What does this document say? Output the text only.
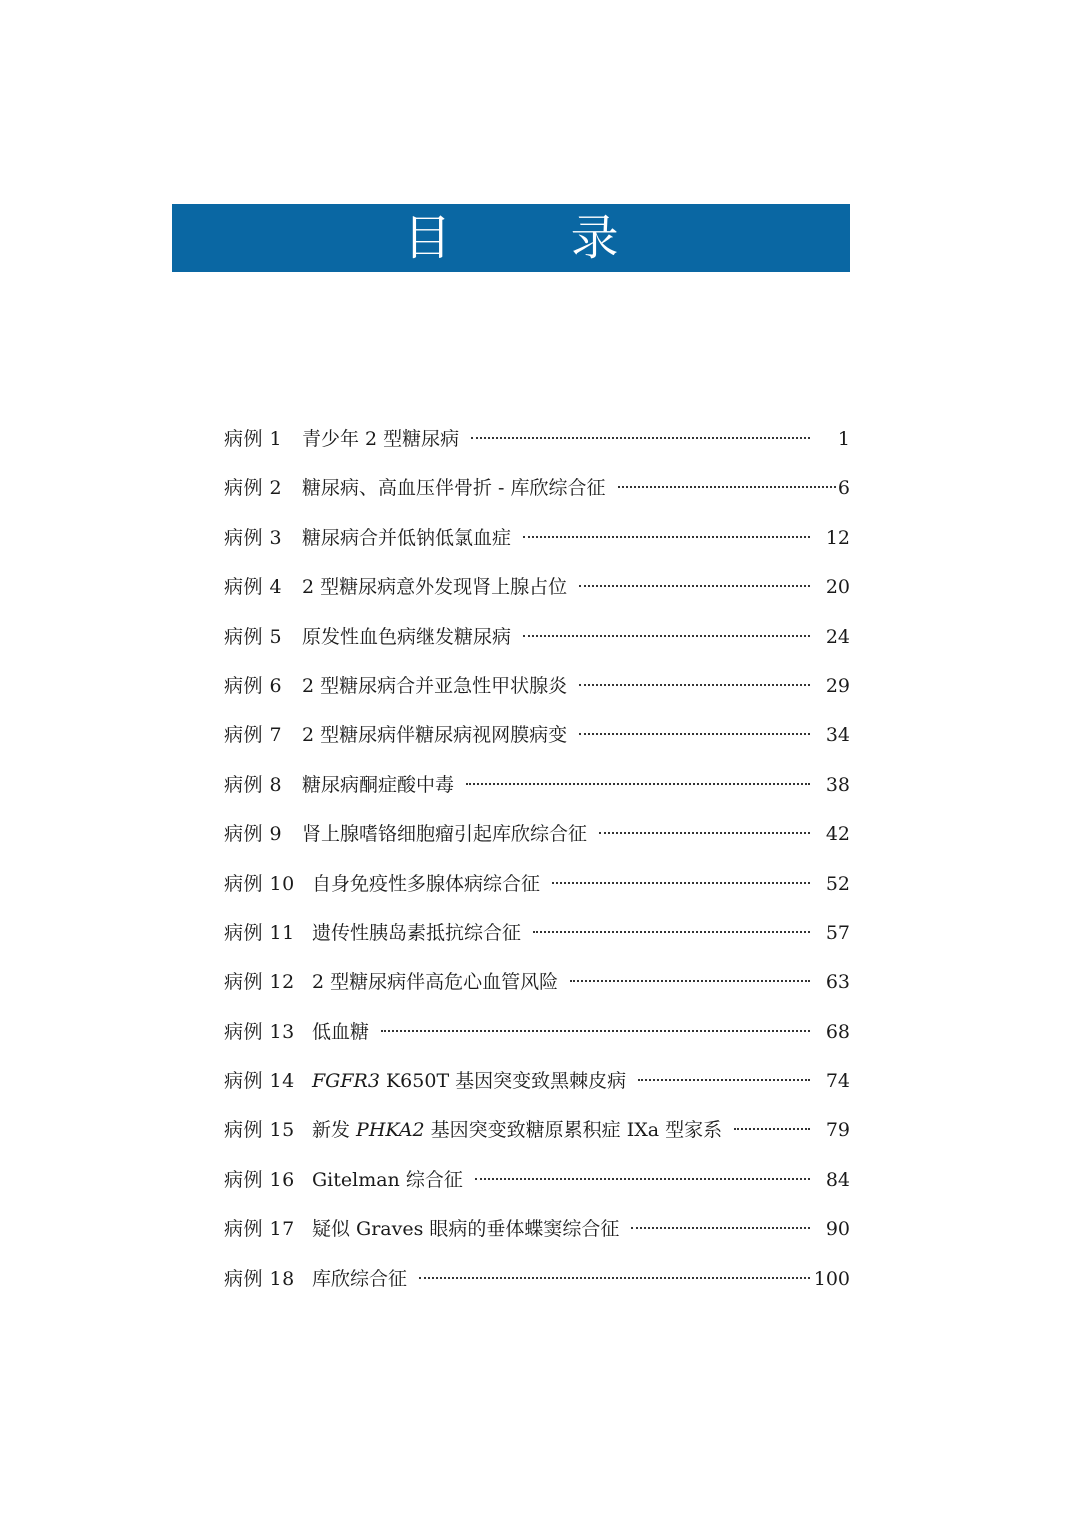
目 录
病例 1	青少年 2 型糖尿病	1
病例 2	糖尿病、高血压伴骨折 - 库欣综合征	6
病例 3	糖尿病合并低钠低氯血症	12
病例 4	2 型糖尿病意外发现肾上腺占位	20
病例 5	原发性血色病继发糖尿病	24
病例 6	2 型糖尿病合并亚急性甲状腺炎	29
病例 7	2 型糖尿病伴糖尿病视网膜病变	34
病例 8	糖尿病酮症酸中毒	38
病例 9	肾上腺嗜铬细胞瘤引起库欣综合征	42
病例 10 自身免疫性多腺体病综合征	52
病例 11 遗传性胰岛素抵抗综合征	57
病例 12 2 型糖尿病伴高危心血管风险	63
病例 13 低血糖	68
病例 14 FGFR3 K650T 基因突变致黑棘皮病	74
病例 15 新发 PHKA2 基因突变致糖原累积症 IXa 型家系	79
病例 16 Gitelman 综合征	84
病例 17 疑似 Graves 眼病的垂体蝶窦综合征	90
病例 18 库欣综合征	100
